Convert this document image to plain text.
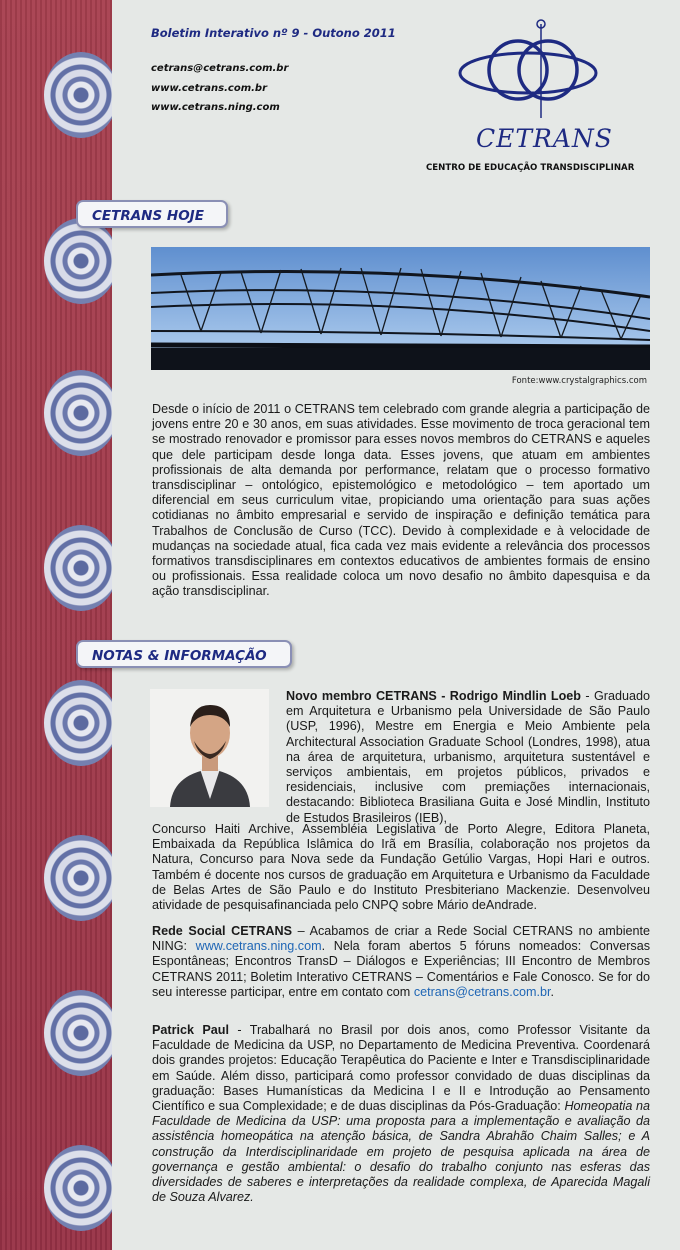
Boletim Interativo nº 9 - Outono 2011
cetrans@cetrans.com.br
www.cetrans.com.br
www.cetrans.ning.com
CETRANS
CENTRO DE EDUCAÇÃO TRANSDISCIPLINAR
CETRANS HOJE
Fonte:www.crystalgraphics.com
Desde o início de 2011 o CETRANS tem celebrado com grande alegria a participação de jovens entre 20 e 30 anos, em suas atividades. Esse movimento de troca geracional tem se mostrado renovador e promissor para esses novos membros do CETRANS e aqueles que dele participam desde longa data. Esses jovens, que atuam em ambientes profissionais de alta demanda por performance, relatam que o processo formativo transdisciplinar – ontológico, epistemológico e metodológico – tem aportado um diferencial em seus curriculum vitae, propiciando uma orientação para suas ações cotidianas no âmbito empresarial e servido de inspiração e definição temática para Trabalhos de Conclusão de Curso (TCC). Devido à complexidade e à velocidade de mudanças na sociedade atual, fica cada vez mais evidente a relevância dos processos formativos transdisciplinares em contextos educativos de ambientes formais de ensino ou profissionais. Essa realidade coloca um novo desafio no âmbito dapesquisa e da ação transdisciplinar.
NOTAS & INFORMAÇÃO
Novo membro CETRANS - Rodrigo Mindlin Loeb - Graduado em Arquitetura e Urbanismo pela Universidade de São Paulo (USP, 1996), Mestre em Energia e Meio Ambiente pela Architectural Association Graduate School (Londres, 1998), atua na área de arquitetura, urbanismo, arquitetura sustentável e serviços ambientais, em projetos públicos, privados e residenciais, inclusive com premiações internacionais, destacando: Biblioteca Brasiliana Guita e José Mindlin, Instituto de Estudos Brasileiros (IEB),
Concurso Haiti Archive, Assembléia Legislativa de Porto Alegre, Editora Planeta, Embaixada da República Islâmica do Irã em Brasília, colaboração nos projetos da Natura, Concurso para Nova sede da Fundação Getúlio Vargas, Hopi Hari e outros. Também é docente nos cursos de graduação em Arquitetura e Urbanismo da Faculdade de Belas Artes de São Paulo e do Instituto Presbiteriano Mackenzie. Desenvolveu atividade de pesquisafinanciada pelo CNPQ sobre Mário deAndrade.
Rede Social CETRANS – Acabamos de criar a Rede Social CETRANS no ambiente NING: www.cetrans.ning.com. Nela foram abertos 5 fóruns nomeados: Conversas Espontâneas; Encontros TransD – Diálogos e Experiências; III Encontro de Membros CETRANS 2011; Boletim Interativo CETRANS – Comentários e Fale Conosco. Se for do seu interesse participar, entre em contato com cetrans@cetrans.com.br.
Patrick Paul - Trabalhará no Brasil por dois anos, como Professor Visitante da Faculdade de Medicina da USP, no Departamento de Medicina Preventiva. Coordenará dois grandes projetos: Educação Terapêutica do Paciente e Inter e Transdisciplinaridade em Saúde. Além disso, participará como professor convidado de duas disciplinas da graduação: Bases Humanísticas da Medicina I e II e Introdução ao Pensamento Científico e sua Complexidade; e de duas disciplinas da Pós-Graduação: Homeopatia na Faculdade de Medicina da USP: uma proposta para a implementação e avaliação da assistência homeopática na atenção básica, de Sandra Abrahão Chaim Salles; e A construção da Interdisciplinaridade em projeto de pesquisa aplicada na área de governança e gestão ambiental: o desafio do trabalho conjunto nas esferas das diversidades de saberes e interpretações da realidade complexa, de Aparecida Magali de Souza Alvarez.
